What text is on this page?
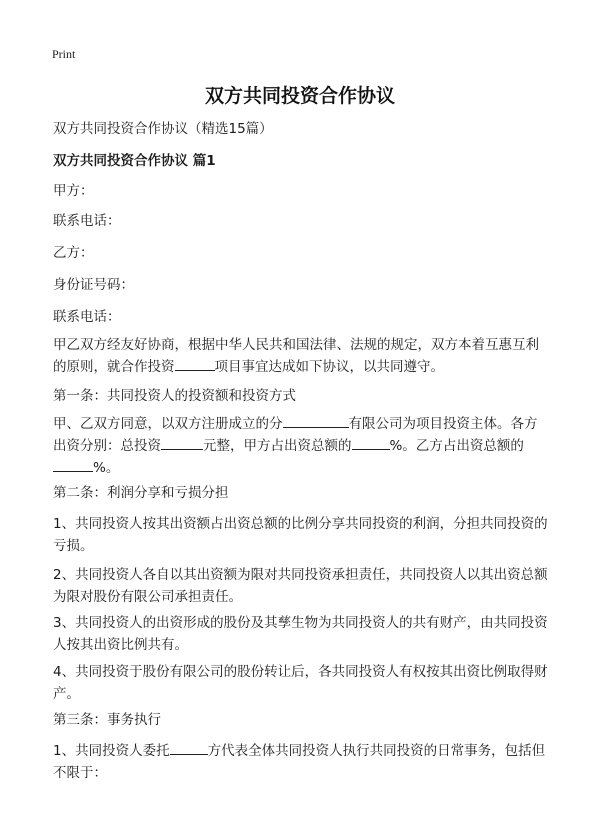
Print
双方共同投资合作协议
双方共同投资合作协议（精选15篇）
双方共同投资合作协议 篇1
甲方：
联系电话：
乙方：
身份证号码：
联系电话：
甲乙双方经友好协商，根据中华人民共和国法律、法规的规定，双方本着互惠互利的原则，就合作投资	项目事宜达成如下协议，以共同遵守。
第一条：共同投资人的投资额和投资方式
甲、乙双方同意，以双方注册成立的分	有限公司为项目投资主体。各方出资分别：总投资	元整，甲方占出资总额的	%。乙方占出资总额的%。
第二条：利润分享和亏损分担
1、共同投资人按其出资额占出资总额的比例分享共同投资的利润，分担共同投资的亏损。
2、共同投资人各自以其出资额为限对共同投资承担责任，共同投资人以其出资总额为限对股份有限公司承担责任。
3、共同投资人的出资形成的股份及其孳生物为共同投资人的共有财产，由共同投资人按其出资比例共有。
4、共同投资于股份有限公司的股份转让后，各共同投资人有权按其出资比例取得财产。
第三条：事务执行
1、共同投资人委托	方代表全体共同投资人执行共同投资的日常事务，包括但不限于：
